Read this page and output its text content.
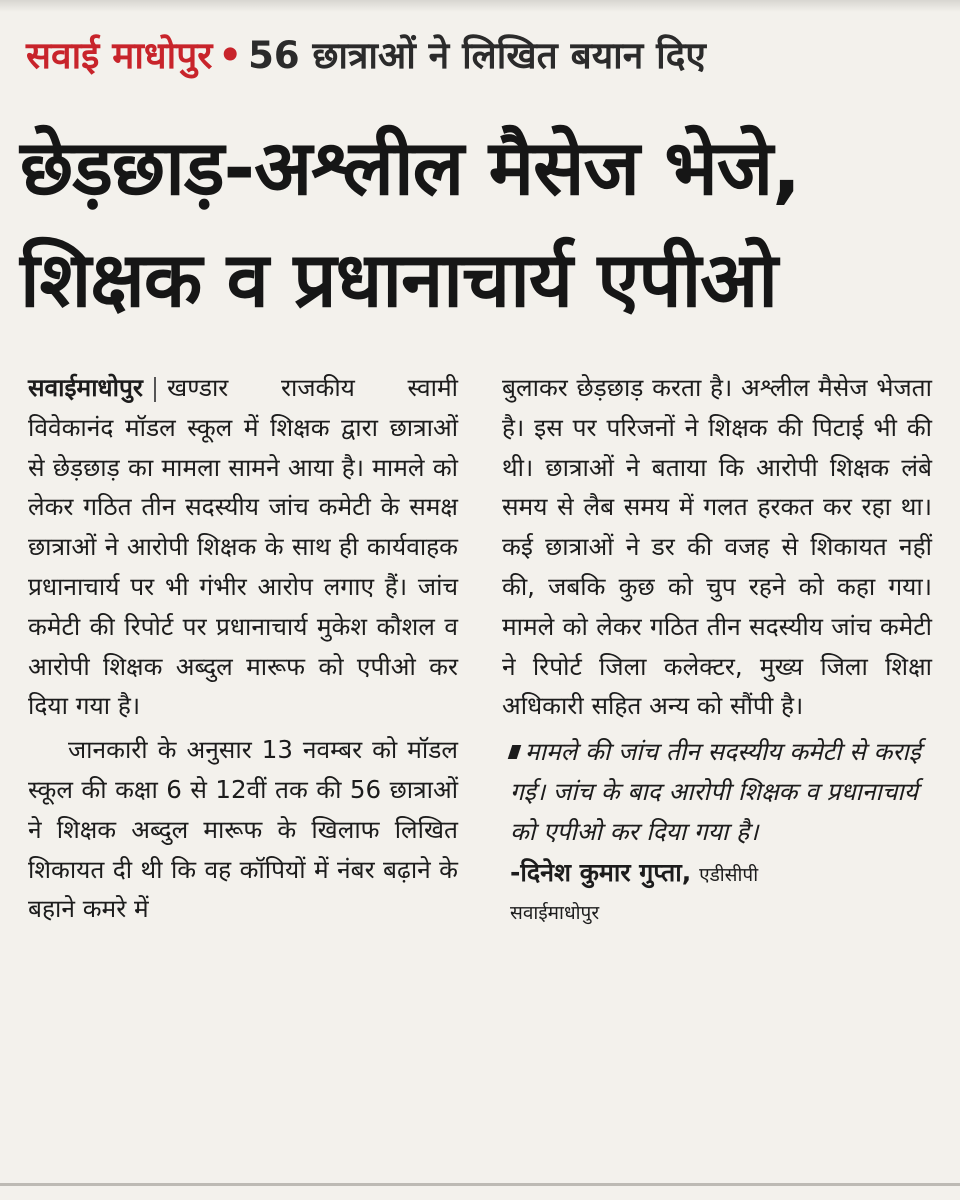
सवाई माधोपुर • 56 छात्राओं ने लिखित बयान दिए
छेड़छाड़-अश्लील मैसेज भेजे,
शिक्षक व प्रधानाचार्य एपीओ

सवाईमाधोपुर | खण्डार राजकीय स्वामी विवेकानंद मॉडल स्कूल में शिक्षक द्वारा छात्राओं से छेड़छाड़ का मामला सामने आया है। मामले को लेकर गठित तीन सदस्यीय जांच कमेटी के समक्ष छात्राओं ने आरोपी शिक्षक के साथ ही कार्यवाहक प्रधानाचार्य पर भी गंभीर आरोप लगाए हैं। जांच कमेटी की रिपोर्ट पर प्रधानाचार्य मुकेश कौशल व आरोपी शिक्षक अब्दुल मारूफ को एपीओ कर दिया गया है।

जानकारी के अनुसार 13 नवम्बर को मॉडल स्कूल की कक्षा 6 से 12वीं तक की 56 छात्राओं ने शिक्षक अब्दुल मारूफ के खिलाफ लिखित शिकायत दी थी कि वह कॉपियों में नंबर बढ़ाने के बहाने कमरे में

बुलाकर छेड़छाड़ करता है। अश्लील मैसेज भेजता है। इस पर परिजनों ने शिक्षक की पिटाई भी की थी। छात्राओं ने बताया कि आरोपी शिक्षक लंबे समय से लैब समय में गलत हरकत कर रहा था। कई छात्राओं ने डर की वजह से शिकायत नहीं की, जबकि कुछ को चुप रहने को कहा गया। मामले को लेकर गठित तीन सदस्यीय जांच कमेटी ने रिपोर्ट जिला कलेक्टर, मुख्य जिला शिक्षा अधिकारी सहित अन्य को सौंपी है।

मामले की जांच तीन सदस्यीय कमेटी से कराई गई। जांच के बाद आरोपी शिक्षक व प्रधानाचार्य को एपीओ कर दिया गया है।
-दिनेश कुमार गुप्ता, एडीसीपी
सवाईमाधोपुर
